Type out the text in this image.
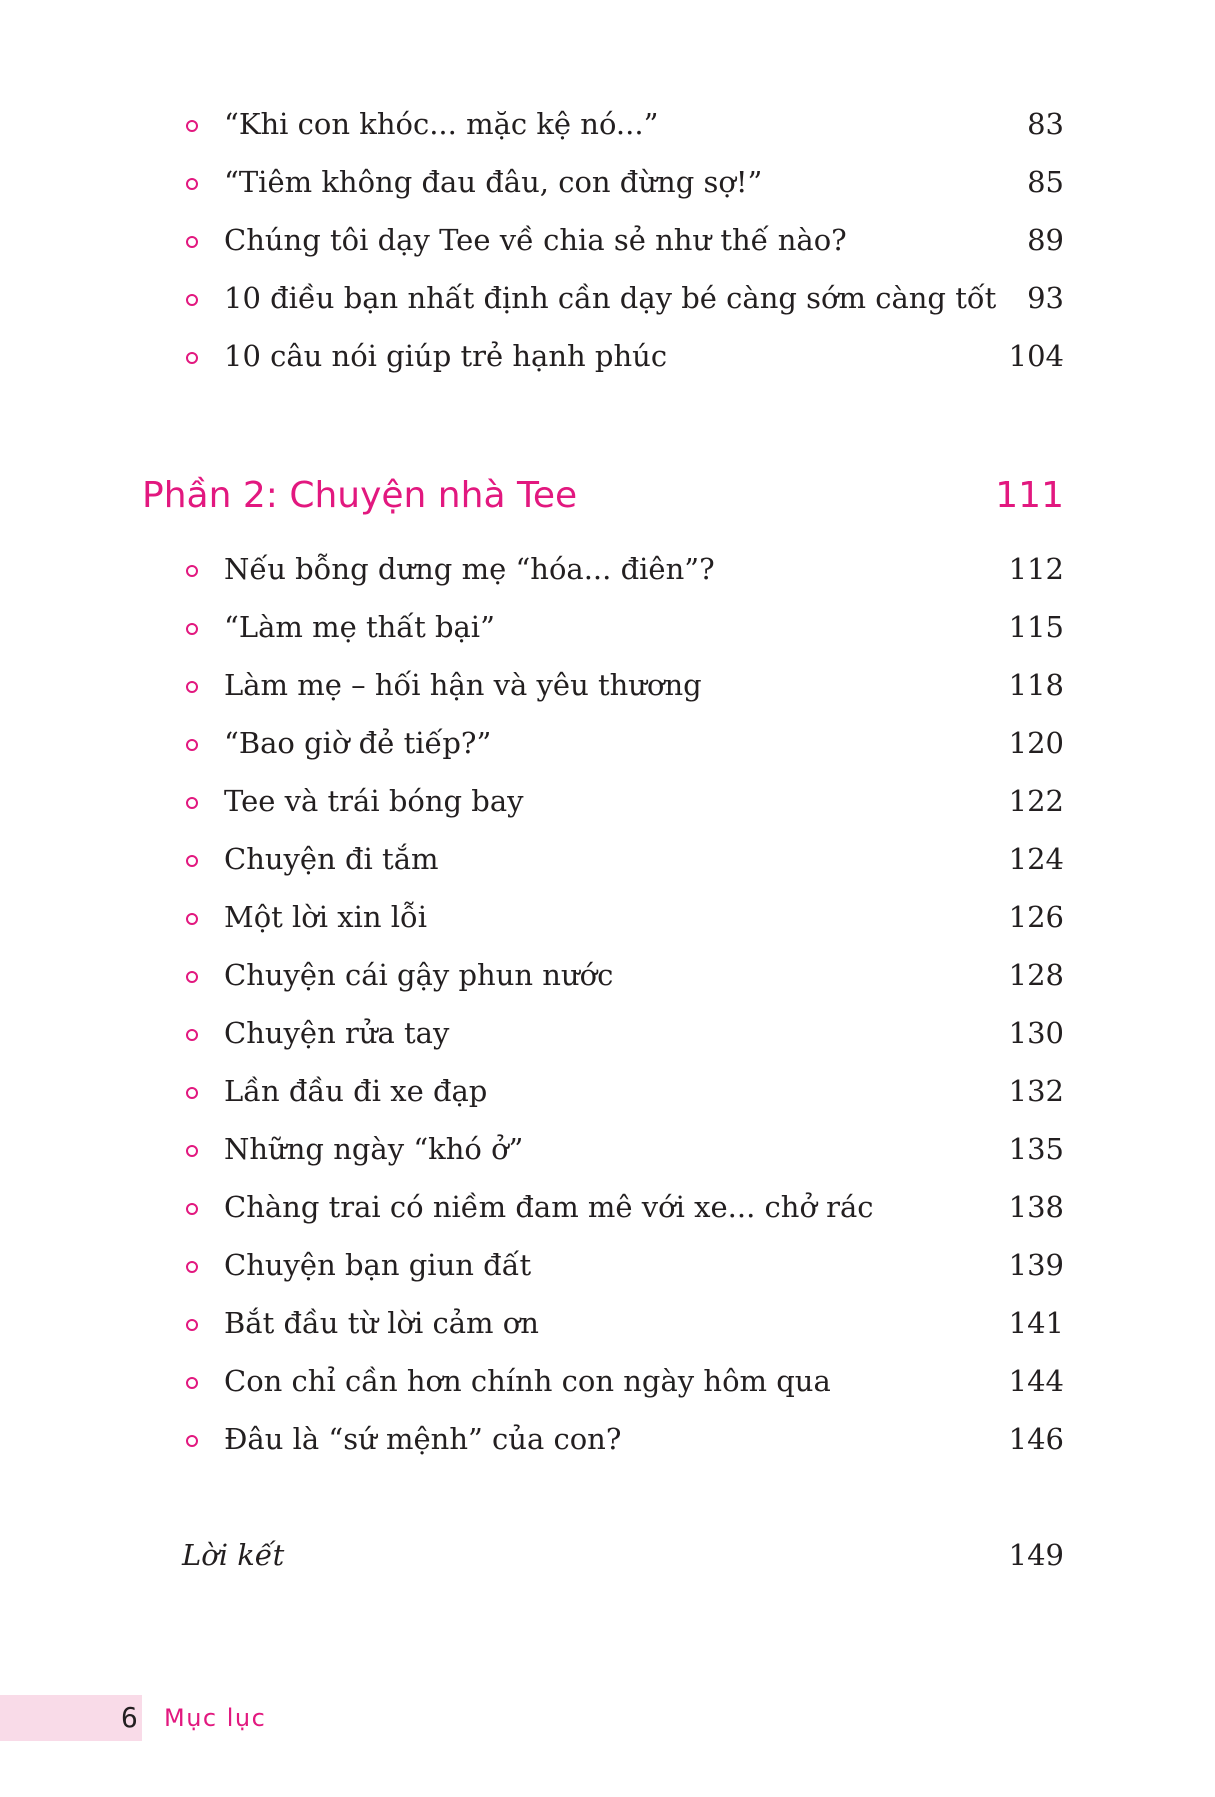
“Khi con khóc... mặc kệ nó...”	83
“Tiêm không đau đâu, con đừng sợ!”	85
Chúng tôi dạy Tee về chia sẻ như thế nào?	89
10 điều bạn nhất định cần dạy bé càng sớm càng tốt 93
10 câu nói giúp trẻ hạnh phúc	104
Phần 2: Chuyện nhà Tee	111
Nếu bỗng dưng mẹ “hóa... điên”?	112
“Làm mẹ thất bại”	115
Làm mẹ – hối hận và yêu thương	118
“Bao giờ đẻ tiếp?”	120
Tee và trái bóng bay	122
Chuyện đi tắm	124
Một lời xin lỗi	126
Chuyện cái gậy phun nước	128
Chuyện rửa tay	130
Lần đầu đi xe đạp	132
Những ngày “khó ở”	135
Chàng trai có niềm đam mê với xe... chở rác	138
Chuyện bạn giun đất	139
Bắt đầu từ lời cảm ơn	141
Con chỉ cần hơn chính con ngày hôm qua	144
Đâu là “sứ mệnh” của con?	146
Lời kết	149
6 Mục lục
